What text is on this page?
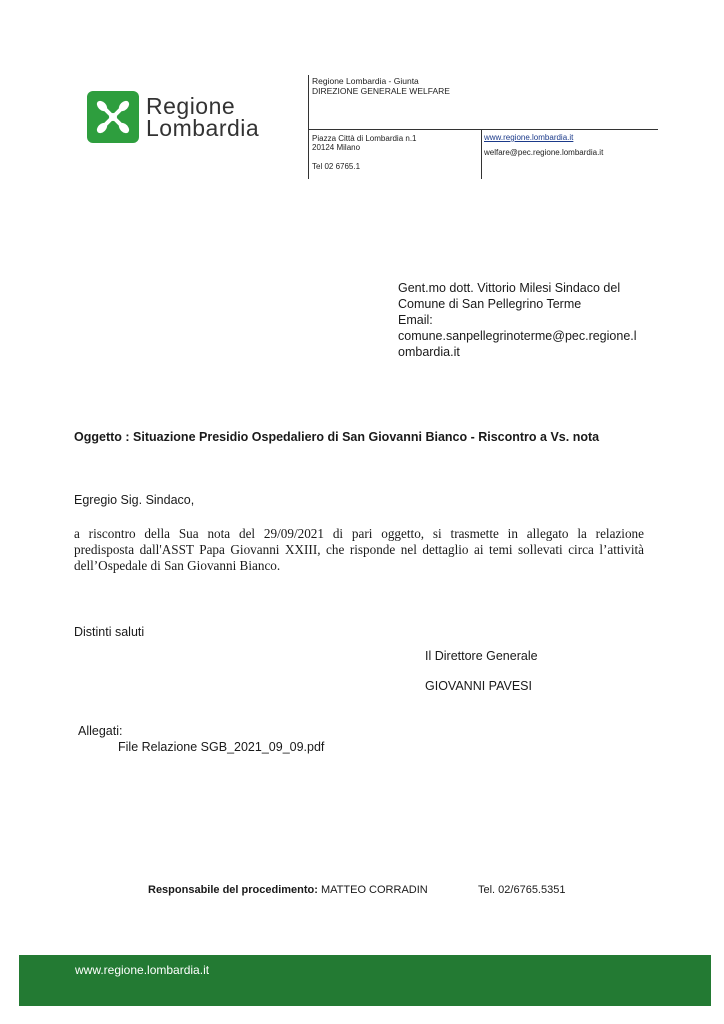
Regione
Lombardia
Regione Lombardia - Giunta
DIREZIONE GENERALE WELFARE
Piazza Città di Lombardia n.1
20124 Milano
Tel 02 6765.1
www.regione.lombardia.it
welfare@pec.regione.lombardia.it
Gent.mo dott. Vittorio Milesi Sindaco del
Comune di San Pellegrino Terme
Email:
comune.sanpellegrinoterme@pec.regione.l
ombardia.it
Oggetto : Situazione Presidio Ospedaliero di San Giovanni Bianco - Riscontro a Vs. nota
Egregio Sig. Sindaco,
a riscontro della Sua nota del 29/09/2021 di pari oggetto, si trasmette in allegato la relazione
predisposta dall'ASST Papa Giovanni XXIII, che risponde nel dettaglio ai temi sollevati circa l’attività
dell’Ospedale di San Giovanni Bianco.
Distinti saluti
Il Direttore Generale
GIOVANNI PAVESI
Allegati:
File Relazione SGB_2021_09_09.pdf
Responsabile del procedimento: MATTEO CORRADIN	Tel. 02/6765.5351
www.regione.lombardia.it
